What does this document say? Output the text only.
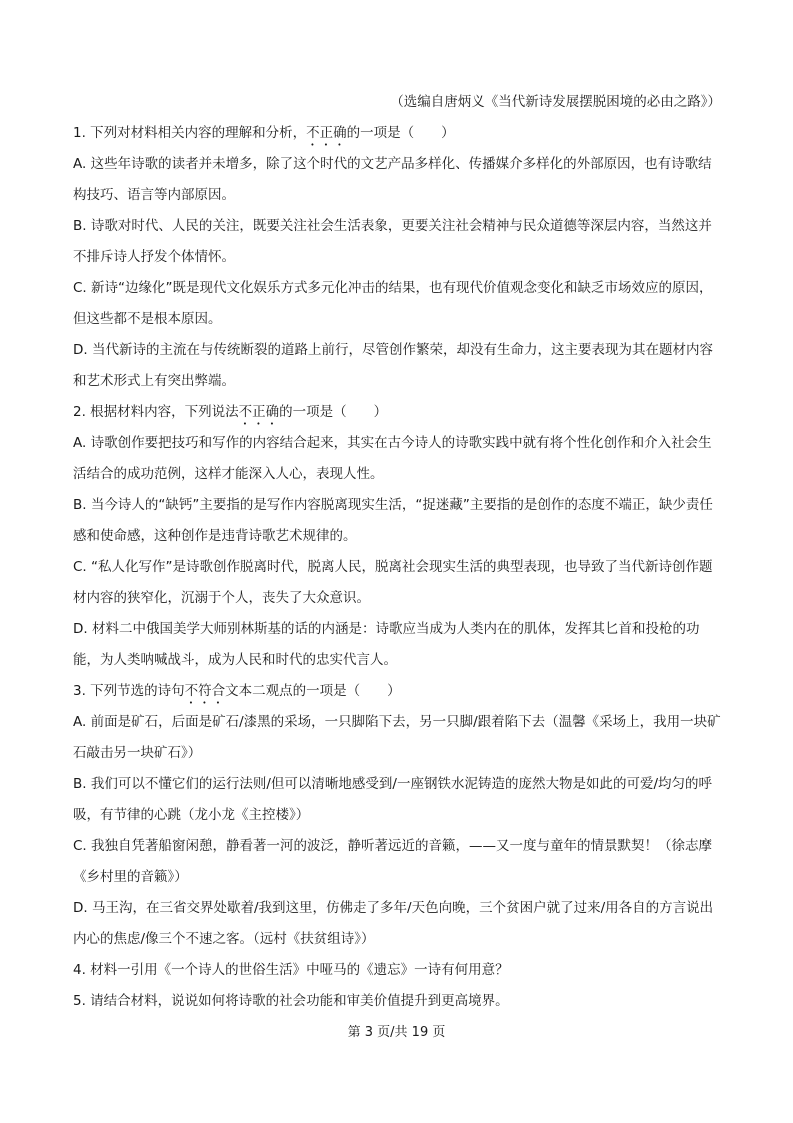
（选编自唐炳义《当代新诗发展摆脱困境的必由之路》）

1. 下列对材料相关内容的理解和分析，不正确的一项是（　　）

A. 这些年诗歌的读者并未增多，除了这个时代的文艺产品多样化、传播媒介多样化的外部原因，也有诗歌结构技巧、语言等内部原因。

B. 诗歌对时代、人民的关注，既要关注社会生活表象，更要关注社会精神与民众道德等深层内容，当然这并不排斥诗人抒发个体情怀。

C. 新诗“边缘化”既是现代文化娱乐方式多元化冲击的结果，也有现代价值观念变化和缺乏市场效应的原因，但这些都不是根本原因。

D. 当代新诗的主流在与传统断裂的道路上前行，尽管创作繁荣，却没有生命力，这主要表现为其在题材内容和艺术形式上有突出弊端。

2. 根据材料内容，下列说法不正确的一项是（　　）

A. 诗歌创作要把技巧和写作的内容结合起来，其实在古今诗人的诗歌实践中就有将个性化创作和介入社会生活结合的成功范例，这样才能深入人心，表现人性。

B. 当今诗人的“缺钙”主要指的是写作内容脱离现实生活，“捉迷藏”主要指的是创作的态度不端正，缺少责任感和使命感，这种创作是违背诗歌艺术规律的。

C. “私人化写作”是诗歌创作脱离时代，脱离人民，脱离社会现实生活的典型表现，也导致了当代新诗创作题材内容的狭窄化，沉溺于个人，丧失了大众意识。

D. 材料二中俄国美学大师别林斯基的话的内涵是：诗歌应当成为人类内在的肌体，发挥其匕首和投枪的功能，为人类呐喊战斗，成为人民和时代的忠实代言人。

3. 下列节选的诗句不符合文本二观点的一项是（　　）

A. 前面是矿石，后面是矿石/漆黑的采场，一只脚陷下去，另一只脚/跟着陷下去（温馨《采场上，我用一块矿石敲击另一块矿石》）

B. 我们可以不懂它们的运行法则/但可以清晰地感受到/一座钢铁水泥铸造的庞然大物是如此的可爱/均匀的呼吸，有节律的心跳（龙小龙《主控楼》）

C. 我独自凭著船窗闲憩，静看著一河的波泛，静听著远近的音籁，——又一度与童年的情景默契！（徐志摩《乡村里的音籁》）

D. 马王沟，在三省交界处歇着/我到这里，仿佛走了多年/天色向晚，三个贫困户就了过来/用各自的方言说出内心的焦虑/像三个不速之客。（远村《扶贫组诗》）

4. 材料一引用《一个诗人的世俗生活》中哑马的《遗忘》一诗有何用意？

5. 请结合材料，说说如何将诗歌的社会功能和审美价值提升到更高境界。

第 3 页/共 19 页
